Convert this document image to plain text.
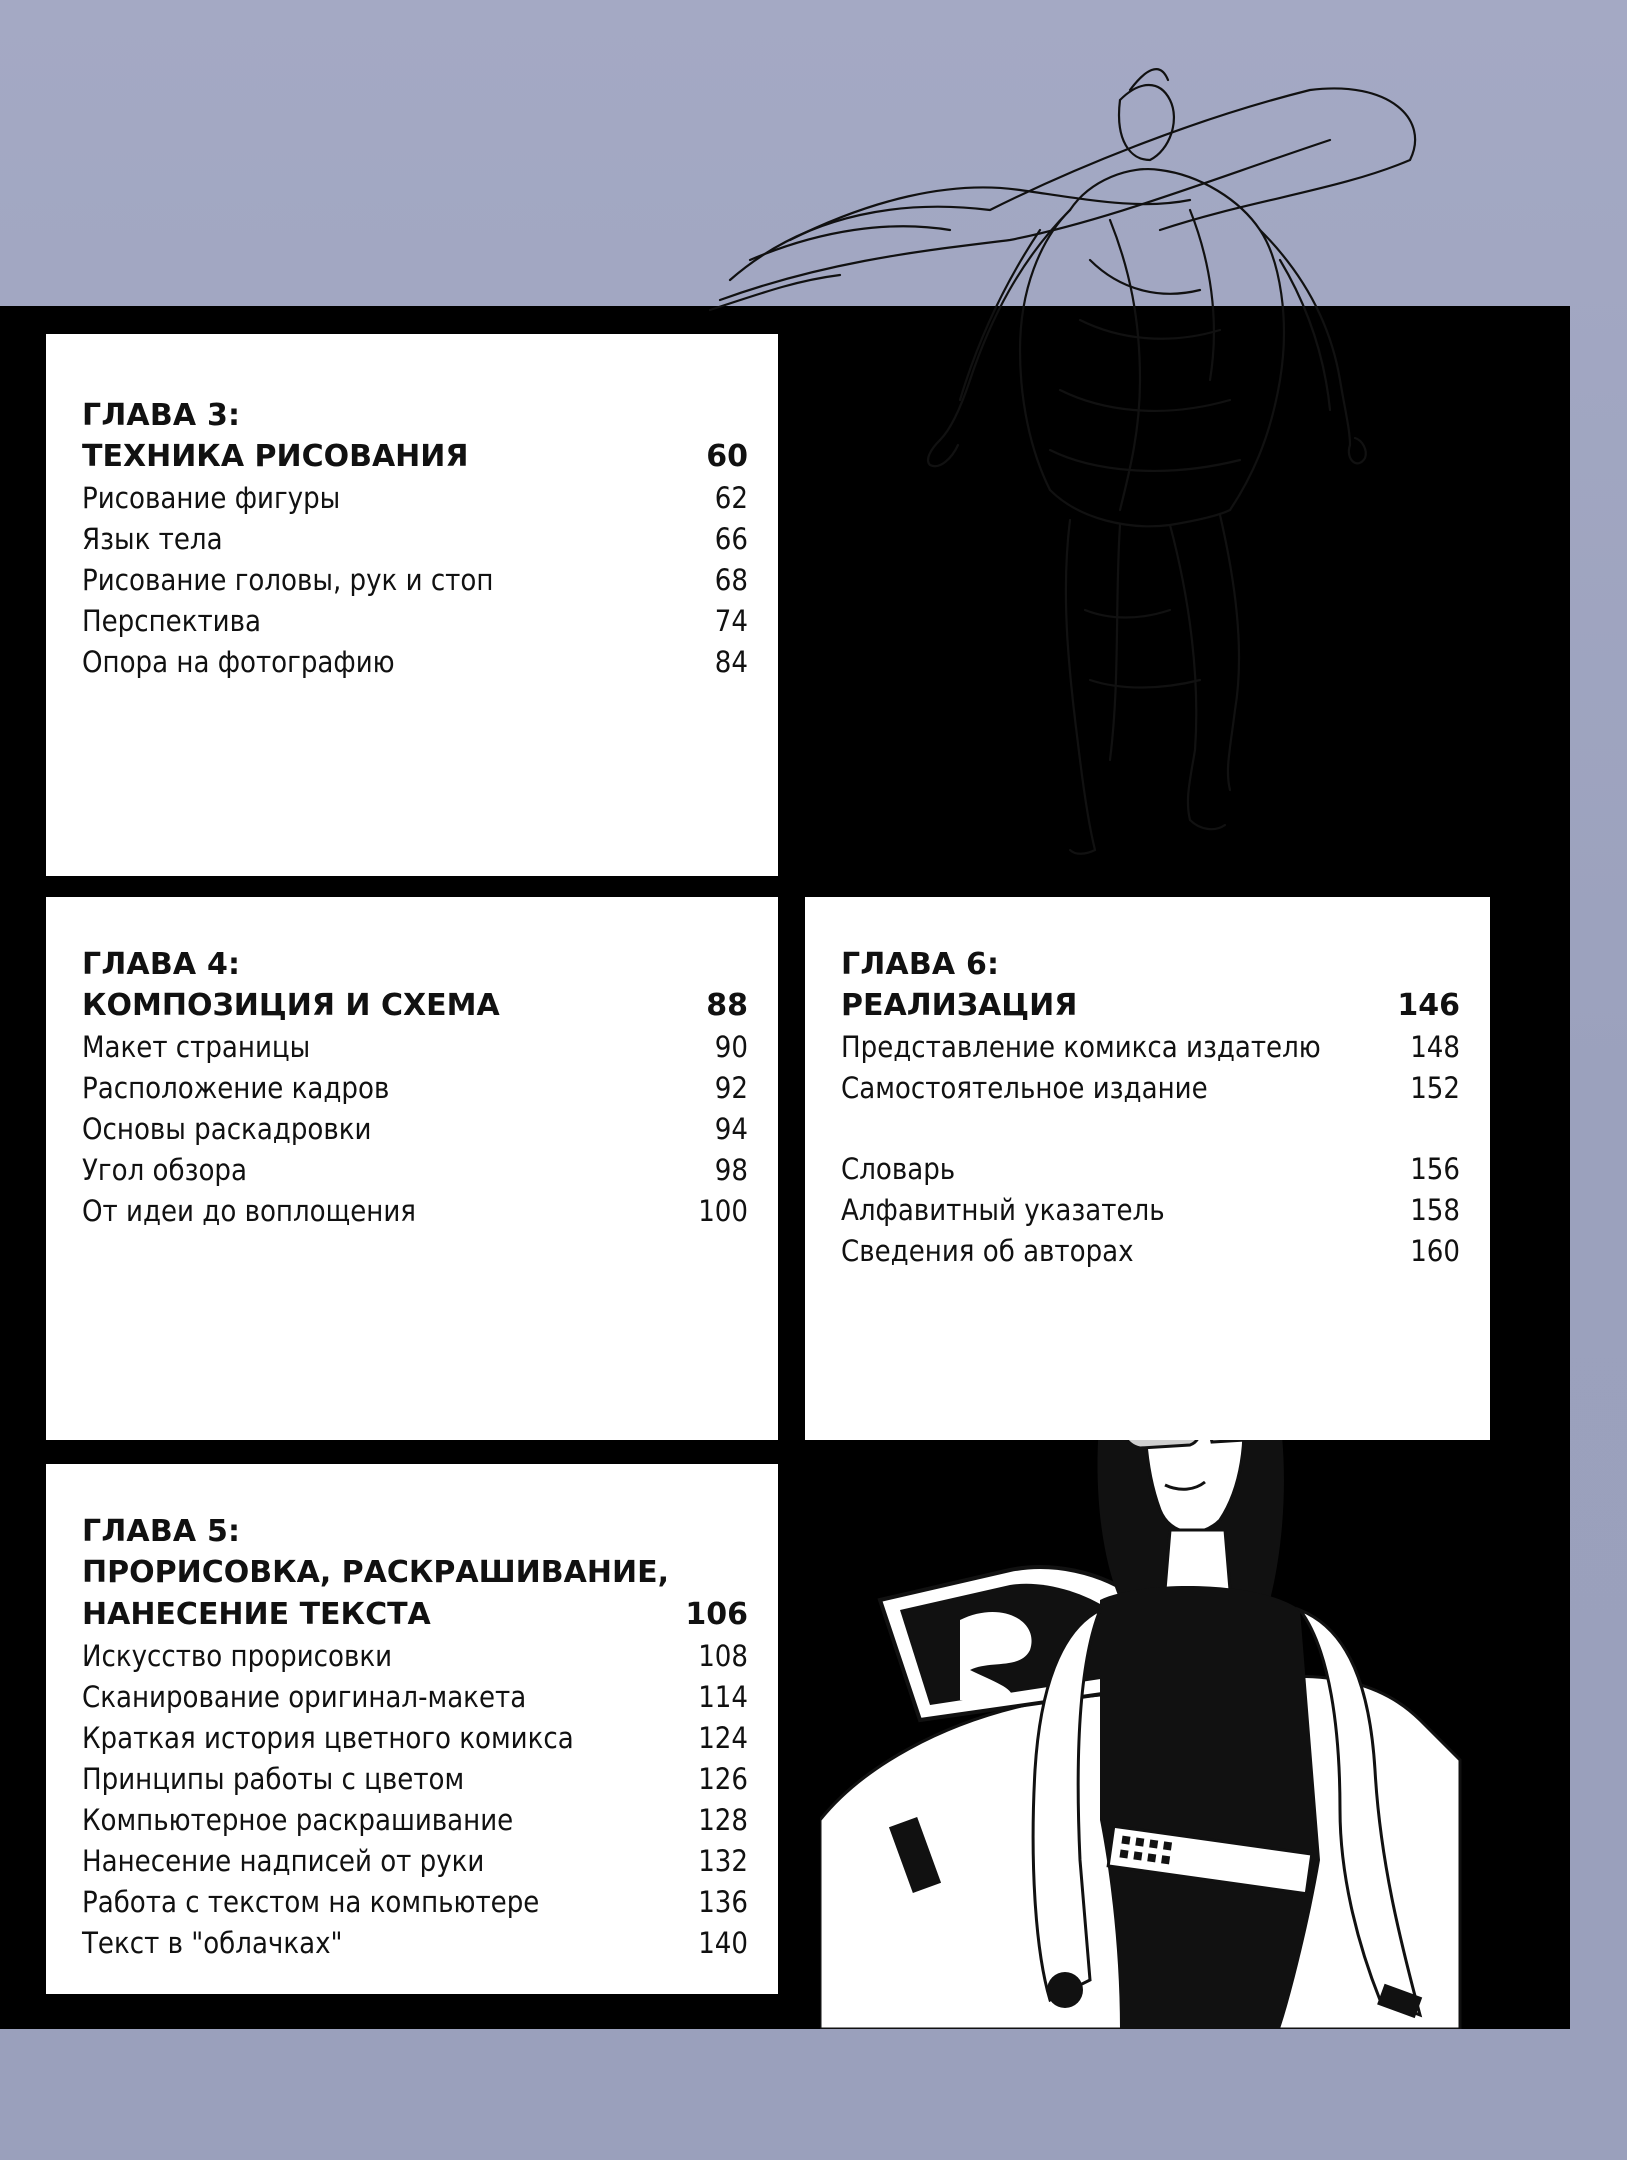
ГЛАВА 3:
ТЕХНИКА РИСОВАНИЯ	60
Рисование фигуры	62
Язык тела	66
Рисование головы, рук и стоп	68
Перспектива	74
Опора на фотографию	84
ГЛАВА 4:
КОМПОЗИЦИЯ И СХЕМА	88
Макет страницы	90
Расположение кадров	92
Основы раскадровки	94
Угол обзора	98
От идеи до воплощения	100
ГЛАВА 6:
РЕАЛИЗАЦИЯ	146
Представление комикса издателю	148
Самостоятельное издание	152
Словарь	156
Алфавитный указатель	158
Сведения об авторах	160
ГЛАВА 5:
ПРОРИСОВКА, РАСКРАШИВАНИЕ,
НАНЕСЕНИЕ ТЕКСТА	106
Искусство прорисовки	108
Сканирование оригинал-макета	114
Краткая история цветного комикса	124
Принципы работы с цветом	126
Компьютерное раскрашивание	128
Нанесение надписей от руки	132
Работа с текстом на компьютере	136
Текст в "облачках"	140
